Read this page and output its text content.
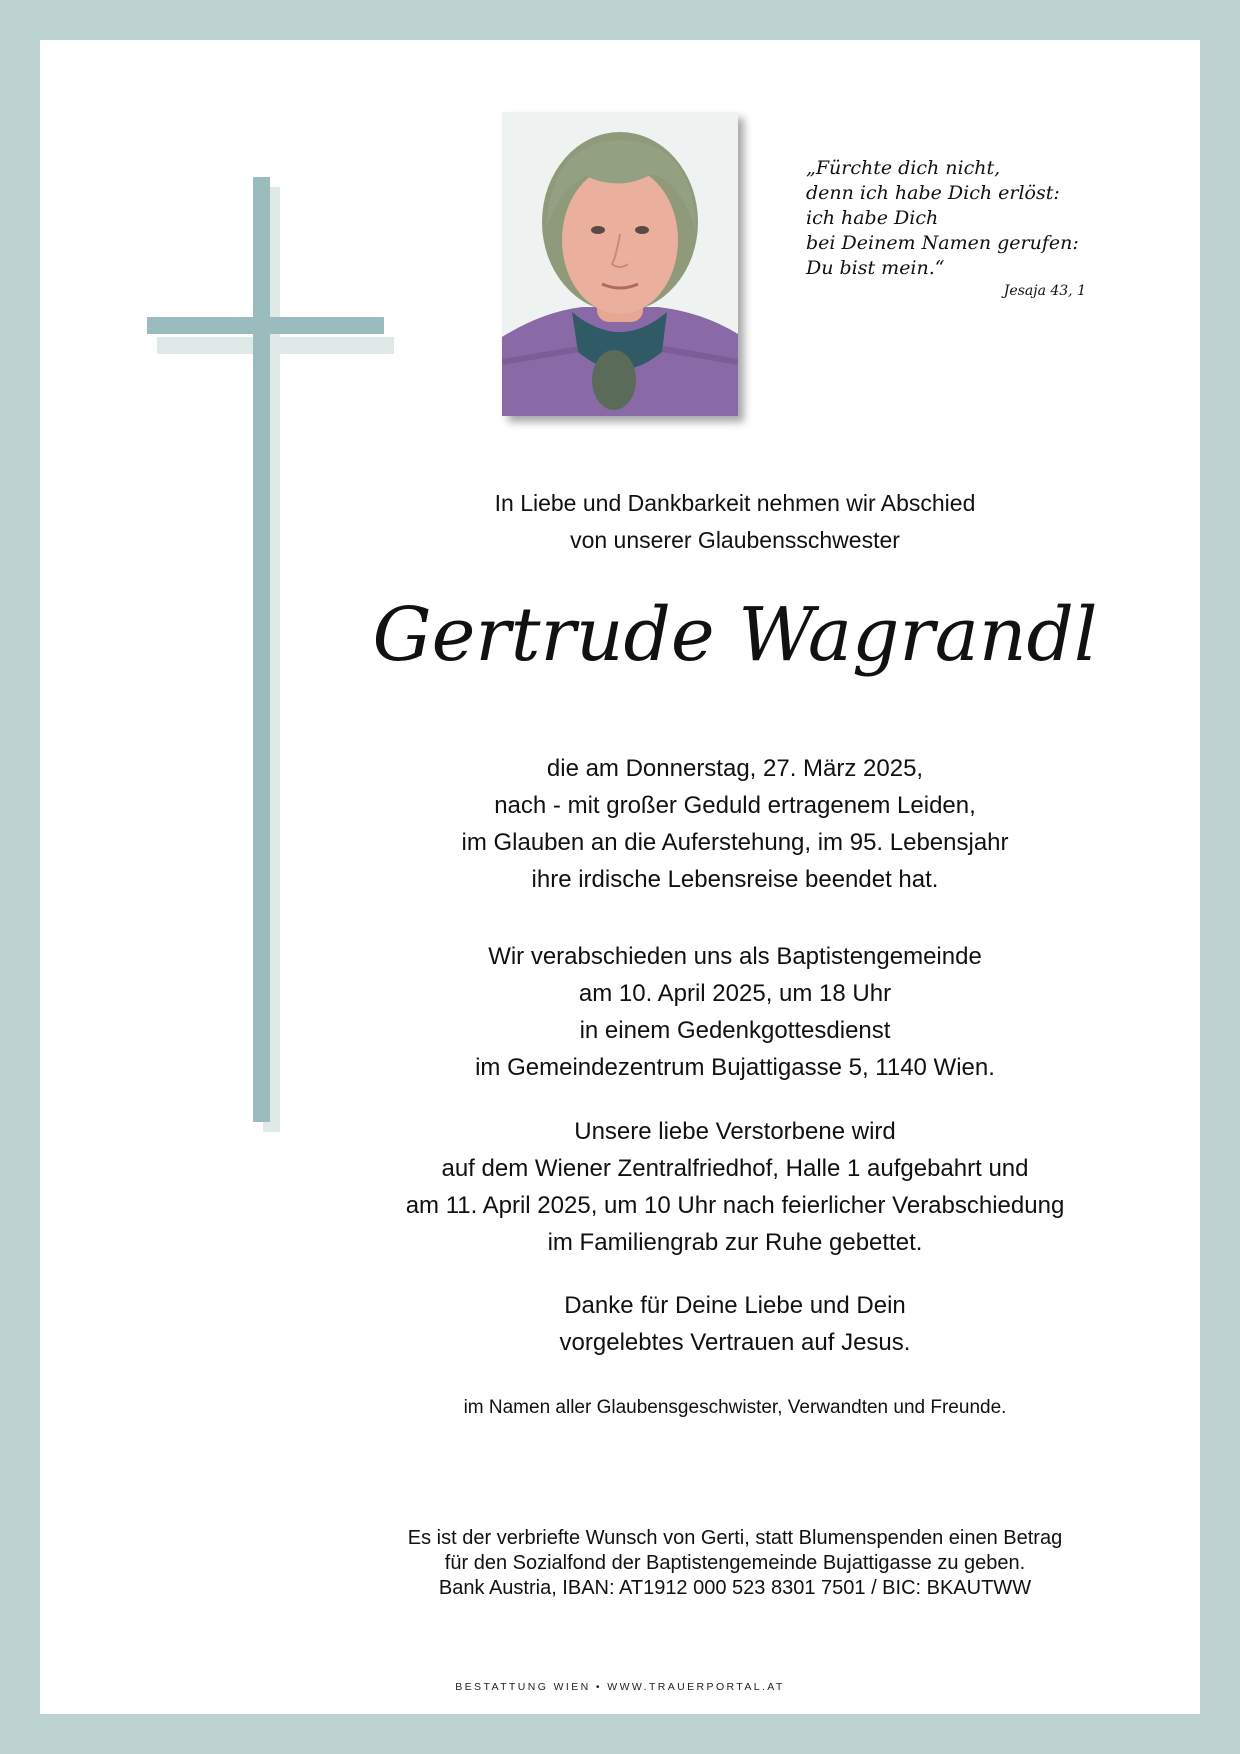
„Fürchte dich nicht,
denn ich habe Dich erlöst:
ich habe Dich
bei Deinem Namen gerufen:
Du bist mein.“
Jesaja 43, 1
In Liebe und Dankbarkeit nehmen wir Abschied
von unserer Glaubensschwester
Gertrude Wagrandl
die am Donnerstag, 27. März 2025,
nach - mit großer Geduld ertragenem Leiden,
im Glauben an die Auferstehung, im 95. Lebensjahr
ihre irdische Lebensreise beendet hat.
Wir verabschieden uns als Baptistengemeinde
am 10. April 2025, um 18 Uhr
in einem Gedenkgottesdienst
im Gemeindezentrum Bujattigasse 5, 1140 Wien.
Unsere liebe Verstorbene wird
auf dem Wiener Zentralfriedhof, Halle 1 aufgebahrt und
am 11. April 2025, um 10 Uhr nach feierlicher Verabschiedung
im Familiengrab zur Ruhe gebettet.
Danke für Deine Liebe und Dein
vorgelebtes Vertrauen auf Jesus.
im Namen aller Glaubensgeschwister, Verwandten und Freunde.
Es ist der verbriefte Wunsch von Gerti, statt Blumenspenden einen Betrag
für den Sozialfond der Baptistengemeinde Bujattigasse zu geben.
Bank Austria, IBAN: AT1912 000 523 8301 7501 / BIC: BKAUTWW
BESTATTUNG WIEN • WWW.TRAUERPORTAL.AT
